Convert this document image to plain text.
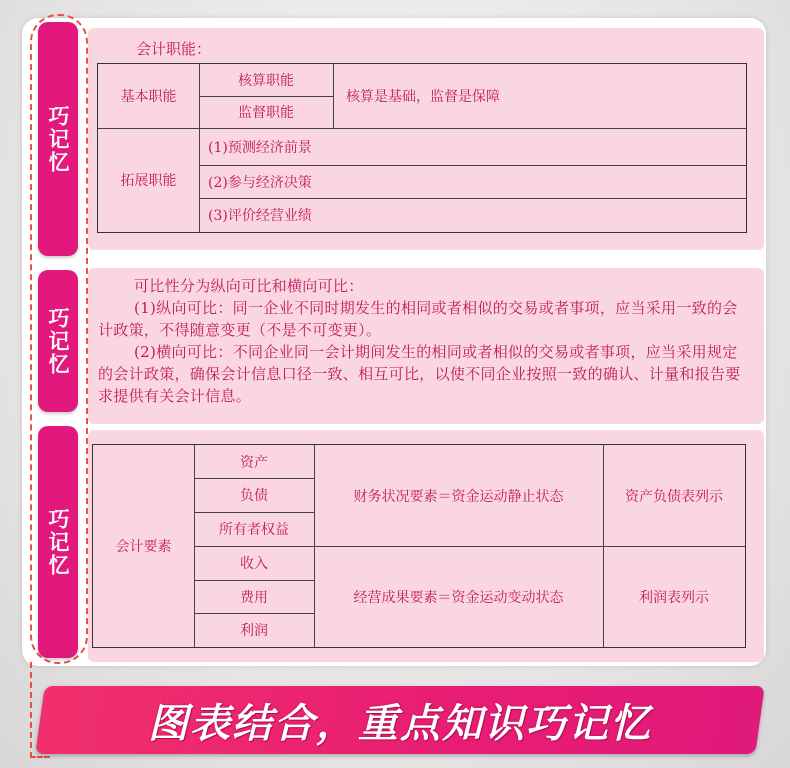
会计职能：
基本职能
核算职能
监督职能
核算是基础，监督是保障
拓展职能
(1)预测经济前景
(2)参与经济决策
(3)评价经营业绩
可比性分为纵向可比和横向可比：
(1)纵向可比：同一企业不同时期发生的相同或者相似的交易或者事项，应当采用一致的会计政策，不得随意变更（不是不可变更）。
(2)横向可比：不同企业同一会计期间发生的相同或者相似的交易或者事项，应当采用规定的会计政策，确保会计信息口径一致、相互可比，以使不同企业按照一致的确认、计量和报告要求提供有关会计信息。
会计要素
资产
负债
所有者权益
财务状况要素＝资金运动静止状态	资产负债表列示
收入
费用
利润
经营成果要素＝资金运动变动状态	利润表列示
巧记忆
巧记忆
巧记忆
图表结合，重点知识巧记忆
